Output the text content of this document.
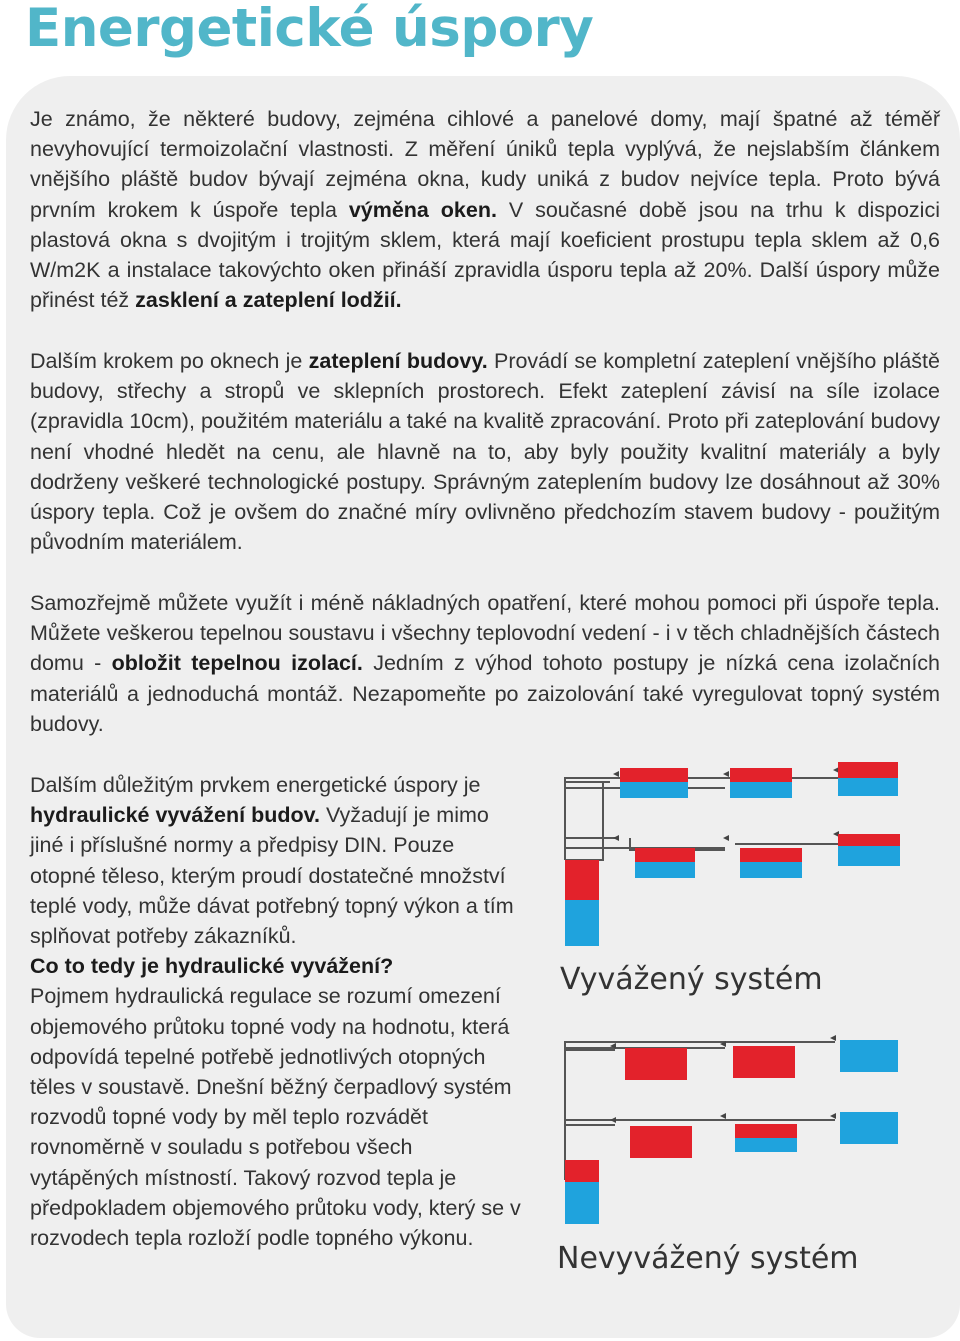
Energetické úspory

Je známo, že některé budovy, zejména cihlové a panelové domy, mají špatné až téměř nevyhovující termoizolační vlastnosti. Z měření úniků tepla vyplývá, že nejslabším článkem vnějšího pláště budov bývají zejména okna, kudy uniká z budov nejvíce tepla. Proto bývá prvním krokem k úspoře tepla výměna oken. V současné době jsou na trhu k dispozici plastová okna s dvojitým i trojitým sklem, která mají koeficient prostupu tepla sklem až 0,6 W/m2K a instalace takovýchto oken přináší zpravidla úsporu tepla až 20%. Další úspory může přinést též zasklení a zateplení lodžií.

Dalším krokem po oknech je zateplení budovy. Provádí se kompletní zateplení vnějšího pláště budovy, střechy a stropů ve sklepních prostorech. Efekt zateplení závisí na síle izolace (zpravidla 10cm), použitém materiálu a také na kvalitě zpracování. Proto při zateplování budovy není vhodné hledět na cenu, ale hlavně na to, aby byly použity kvalitní materiály a byly dodrženy veškeré technologické postupy. Správným zateplením budovy lze dosáhnout až 30% úspory tepla. Což je ovšem do značné míry ovlivněno předchozím stavem budovy - použitým původním materiálem.

Samozřejmě můžete využít i méně nákladných opatření, které mohou pomoci při úspoře tepla. Můžete veškerou tepelnou soustavu i všechny teplovodní vedení - i v těch chladnějších částech domu - obložit tepelnou izolací. Jedním z výhod tohoto postupy je nízká cena izolačních materiálů a jednoduchá montáž. Nezapomeňte po zaizolování také vyregulovat topný systém budovy.

Dalším důležitým prvkem energetické úspory je hydraulické vyvážení budov. Vyžadují je mimo jiné i příslušné normy a předpisy DIN. Pouze otopné těleso, kterým proudí dostatečné množství teplé vody, může dávat potřebný topný výkon a tím splňovat potřeby zákazníků.
Co to tedy je hydraulické vyvážení?
Pojmem hydraulická regulace se rozumí omezení objemového průtoku topné vody na hodnotu, která odpovídá tepelné potřebě jednotlivých otopných těles v soustavě. Dnešní běžný čerpadlový systém rozvodů topné vody by měl teplo rozvádět rovnoměrně v souladu s potřebou všech vytápěných místností. Takový rozvod tepla je předpokladem objemového průtoku vody, který se v rozvodech tepla rozloží podle topného výkonu.

Vyvážený systém
Nevyvážený systém
